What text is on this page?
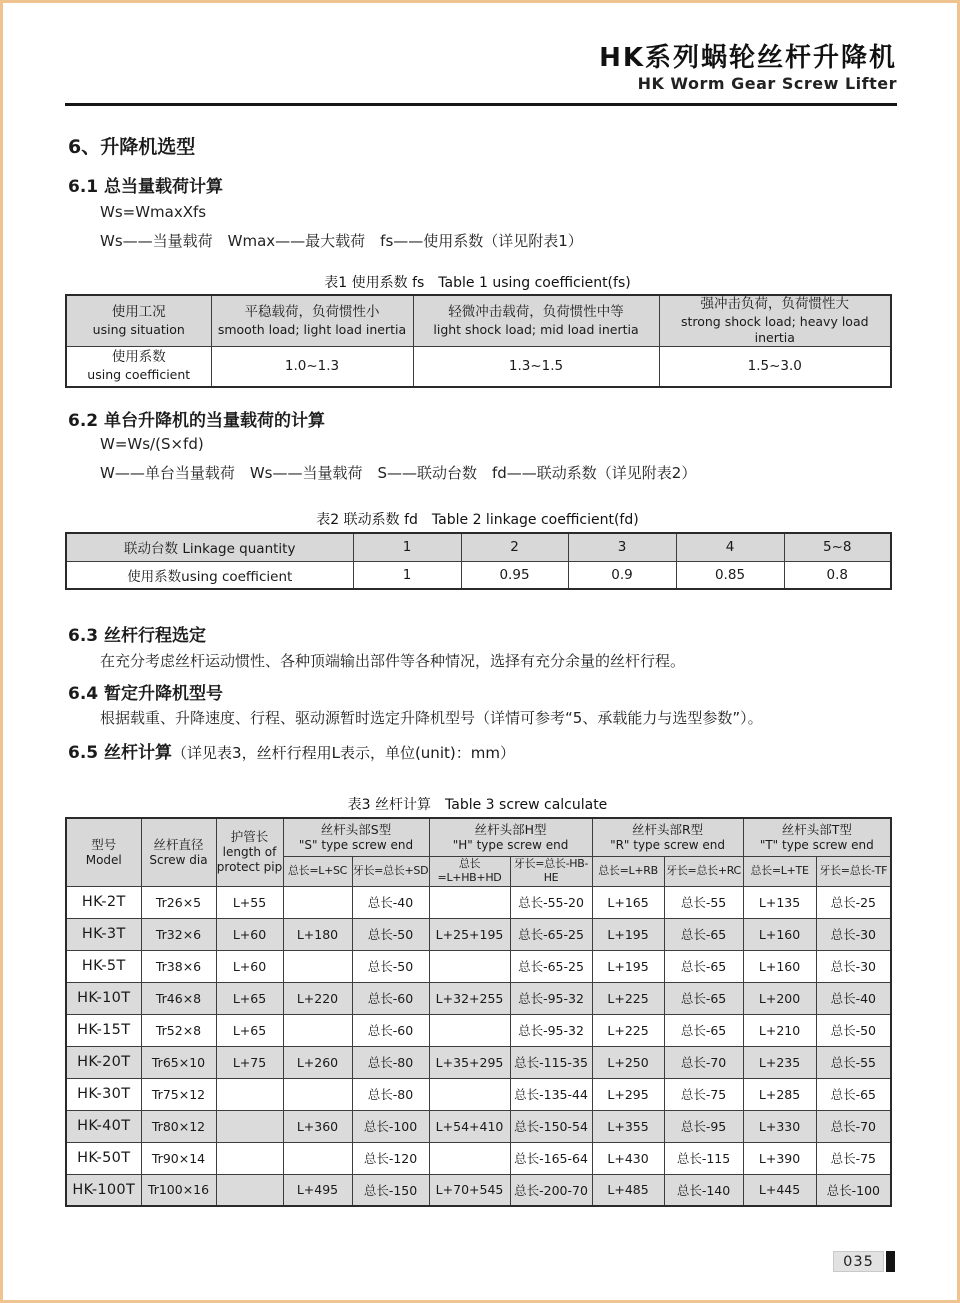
HK系列蜗轮丝杆升降机
HK Worm Gear Screw Lifter
6、升降机选型
6.1 总当量载荷计算
Ws=WmaxXfs
Ws——当量载荷　Wmax——最大载荷　fs——使用系数（详见附表1）
表1 使用系数 fs　Table 1 using coefficient(fs)
使用工况
using situation	平稳载荷，负荷惯性小
smooth load; light load inertia	轻微冲击载荷，负荷惯性中等
light shock load; mid load inertia	强冲击负荷，负荷惯性大
strong shock load; heavy load inertia

使用系数
using coefficient	1.0~1.3	1.3~1.5	1.5~3.0
6.2 单台升降机的当量载荷的计算
W=Ws/(S×fd)
W——单台当量载荷　Ws——当量载荷　S——联动台数　fd——联动系数（详见附表2）
表2 联动系数 fd　Table 2 linkage coefficient(fd)
联动台数 Linkage quantity	1	2	3	4	5~8
使用系数using coefficient	1	0.95	0.9	0.85	0.8
6.3 丝杆行程选定
在充分考虑丝杆运动惯性、各种顶端输出部件等各种情况，选择有充分余量的丝杆行程。
6.4 暂定升降机型号
根据载重、升降速度、行程、驱动源暂时选定升降机型号（详情可参考“5、承载能力与选型参数”）。
6.5 丝杆计算（详见表3，丝杆行程用L表示，单位(unit)：mm）
表3 丝杆计算　Table 3 screw calculate
型号
Model	丝杆直径
Screw dia	护管长
length of
protect pip	丝杆头部S型
"S" type screw end		丝杆头部H型
"H" type screw end		丝杆头部R型
"R" type screw end		丝杆头部T型
"T" type screw end	

			总长=L+SC	牙长=总长+SD	总长=L+HB+HD	牙长=总长-HB-HE	总长=L+RB	牙长=总长+RC	总长=L+TE	牙长=总长-TF
HK-2T	Tr26×5	L+55		总长-40		总长-55-20	L+165	总长-55	L+135	总长-25
HK-3T	Tr32×6	L+60	L+180	总长-50	L+25+195	总长-65-25	L+195	总长-65	L+160	总长-30
HK-5T	Tr38×6	L+60		总长-50		总长-65-25	L+195	总长-65	L+160	总长-30
HK-10T	Tr46×8	L+65	L+220	总长-60	L+32+255	总长-95-32	L+225	总长-65	L+200	总长-40
HK-15T	Tr52×8	L+65		总长-60		总长-95-32	L+225	总长-65	L+210	总长-50
HK-20T	Tr65×10	L+75	L+260	总长-80	L+35+295	总长-115-35	L+250	总长-70	L+235	总长-55
HK-30T	Tr75×12			总长-80		总长-135-44	L+295	总长-75	L+285	总长-65
HK-40T	Tr80×12		L+360	总长-100	L+54+410	总长-150-54	L+355	总长-95	L+330	总长-70
HK-50T	Tr90×14			总长-120		总长-165-64	L+430	总长-115	L+390	总长-75
HK-100T	Tr100×16		L+495	总长-150	L+70+545	总长-200-70	L+485	总长-140	L+445	总长-100
035
